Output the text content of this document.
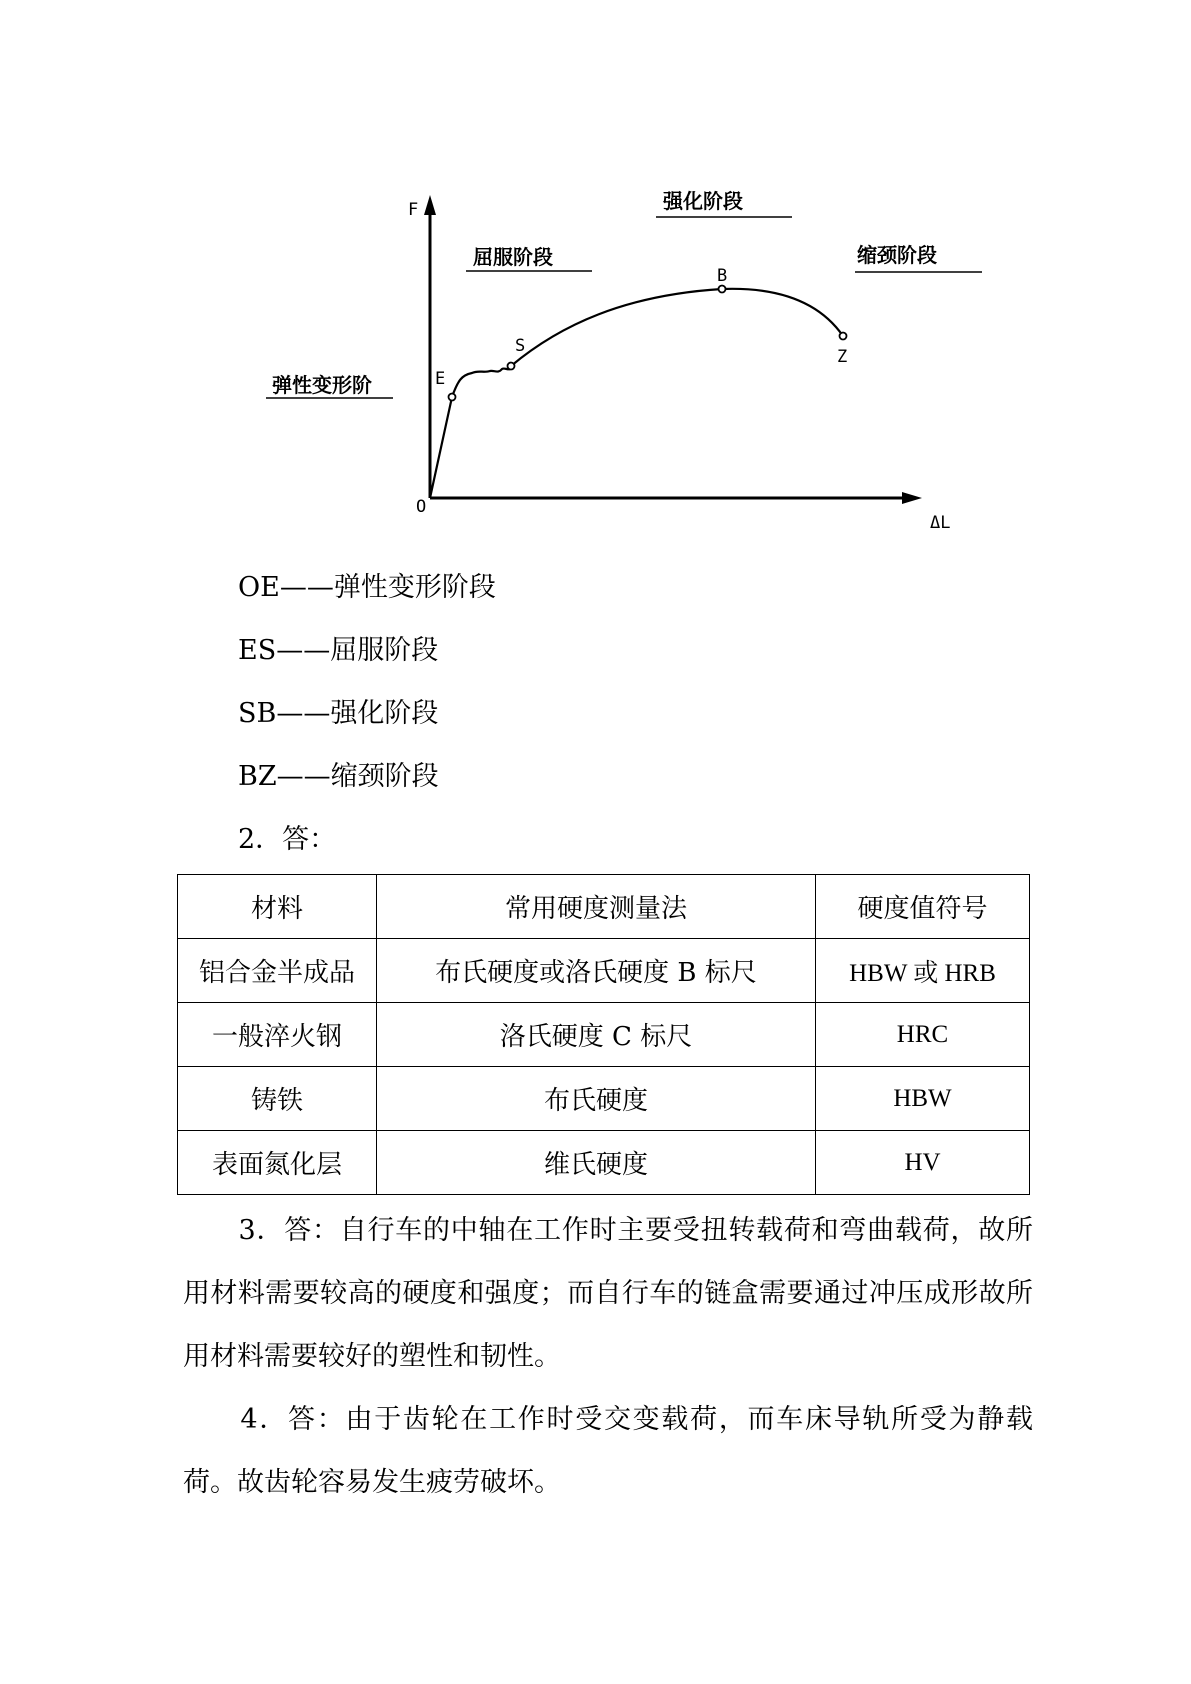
F
ΔL
O
E
S
B
Z
弹性变形阶
屈服阶段
强化阶段
缩颈阶段
OE——弹性变形阶段
ES——屈服阶段
SB——强化阶段
BZ——缩颈阶段
2．答：
材料	常用硬度测量法	硬度值符号
铝合金半成品	布氏硬度或洛氏硬度 B 标尺	HBW 或 HRB
一般淬火钢	洛氏硬度 C 标尺	HRC
铸铁	布氏硬度	HBW
表面氮化层	维氏硬度	HV
　　3．答：自行车的中轴在工作时主要受扭转载荷和弯曲载荷，故所用材料需要较高的硬度和强度；而自行车的链盒需要通过冲压成形故所用材料需要较好的塑性和韧性。
　　4．答：由于齿轮在工作时受交变载荷，而车床导轨所受为静载荷。故齿轮容易发生疲劳破坏。
